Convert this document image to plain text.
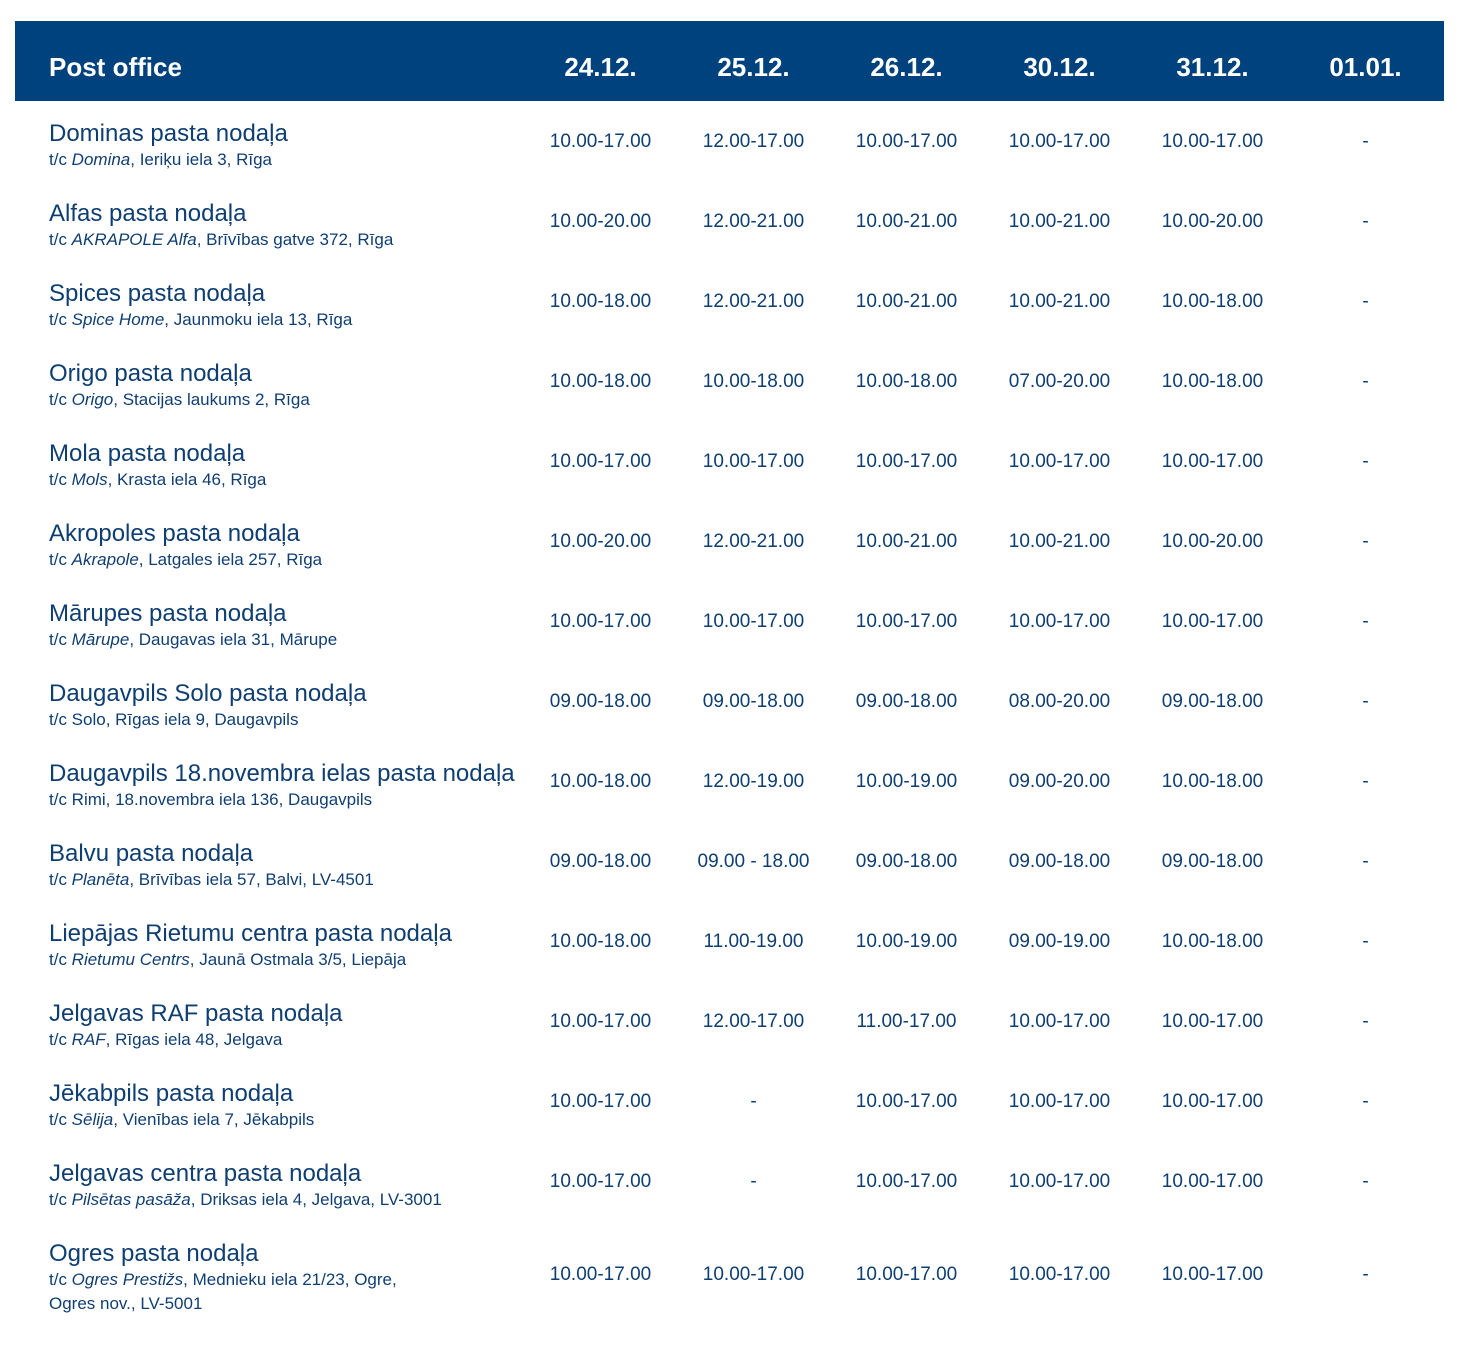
Post office	24.12.	25.12.	26.12.	30.12.	31.12.	01.01.
Dominas pasta nodaļa
t/c Domina, Ieriķu iela 3, Rīga
10.00-17.00	12.00-17.00	10.00-17.00	10.00-17.00	10.00-17.00	-
Alfas pasta nodaļa
t/c AKRAPOLE Alfa, Brīvības gatve 372, Rīga
10.00-20.00	12.00-21.00	10.00-21.00	10.00-21.00	10.00-20.00	-
Spices pasta nodaļa
t/c Spice Home, Jaunmoku iela 13, Rīga
10.00-18.00	12.00-21.00	10.00-21.00	10.00-21.00	10.00-18.00	-
Origo pasta nodaļa
t/c Origo, Stacijas laukums 2, Rīga
10.00-18.00	10.00-18.00	10.00-18.00	07.00-20.00	10.00-18.00	-
Mola pasta nodaļa
t/c Mols, Krasta iela 46, Rīga
10.00-17.00	10.00-17.00	10.00-17.00	10.00-17.00	10.00-17.00	-
Akropoles pasta nodaļa
t/c Akrapole, Latgales iela 257, Rīga
10.00-20.00	12.00-21.00	10.00-21.00	10.00-21.00	10.00-20.00	-
Mārupes pasta nodaļa
t/c Mārupe, Daugavas iela 31, Mārupe
10.00-17.00	10.00-17.00	10.00-17.00	10.00-17.00	10.00-17.00	-
Daugavpils Solo pasta nodaļa
t/c Solo, Rīgas iela 9, Daugavpils
09.00-18.00	09.00-18.00	09.00-18.00	08.00-20.00	09.00-18.00	-
Daugavpils 18.novembra ielas pasta nodaļa
t/c Rimi, 18.novembra iela 136, Daugavpils
10.00-18.00	12.00-19.00	10.00-19.00	09.00-20.00	10.00-18.00	-
Balvu pasta nodaļa
t/c Planēta, Brīvības iela 57, Balvi, LV-4501
09.00-18.00	09.00 - 18.00	09.00-18.00	09.00-18.00	09.00-18.00	-
Liepājas Rietumu centra pasta nodaļa
t/c Rietumu Centrs, Jaunā Ostmala 3/5, Liepāja
10.00-18.00	11.00-19.00	10.00-19.00	09.00-19.00	10.00-18.00	-
Jelgavas RAF pasta nodaļa
t/c RAF, Rīgas iela 48, Jelgava
10.00-17.00	12.00-17.00	11.00-17.00	10.00-17.00	10.00-17.00	-
Jēkabpils pasta nodaļa
t/c Sēlija, Vienības iela 7, Jēkabpils
10.00-17.00	-	10.00-17.00	10.00-17.00	10.00-17.00	-
Jelgavas centra pasta nodaļa
t/c Pilsētas pasāža, Driksas iela 4, Jelgava, LV-3001
10.00-17.00	-	10.00-17.00	10.00-17.00	10.00-17.00	-
Ogres pasta nodaļa
t/c Ogres Prestižs, Mednieku iela 21/23, Ogre,
Ogres nov., LV-5001
10.00-17.00	10.00-17.00	10.00-17.00	10.00-17.00	10.00-17.00	-
